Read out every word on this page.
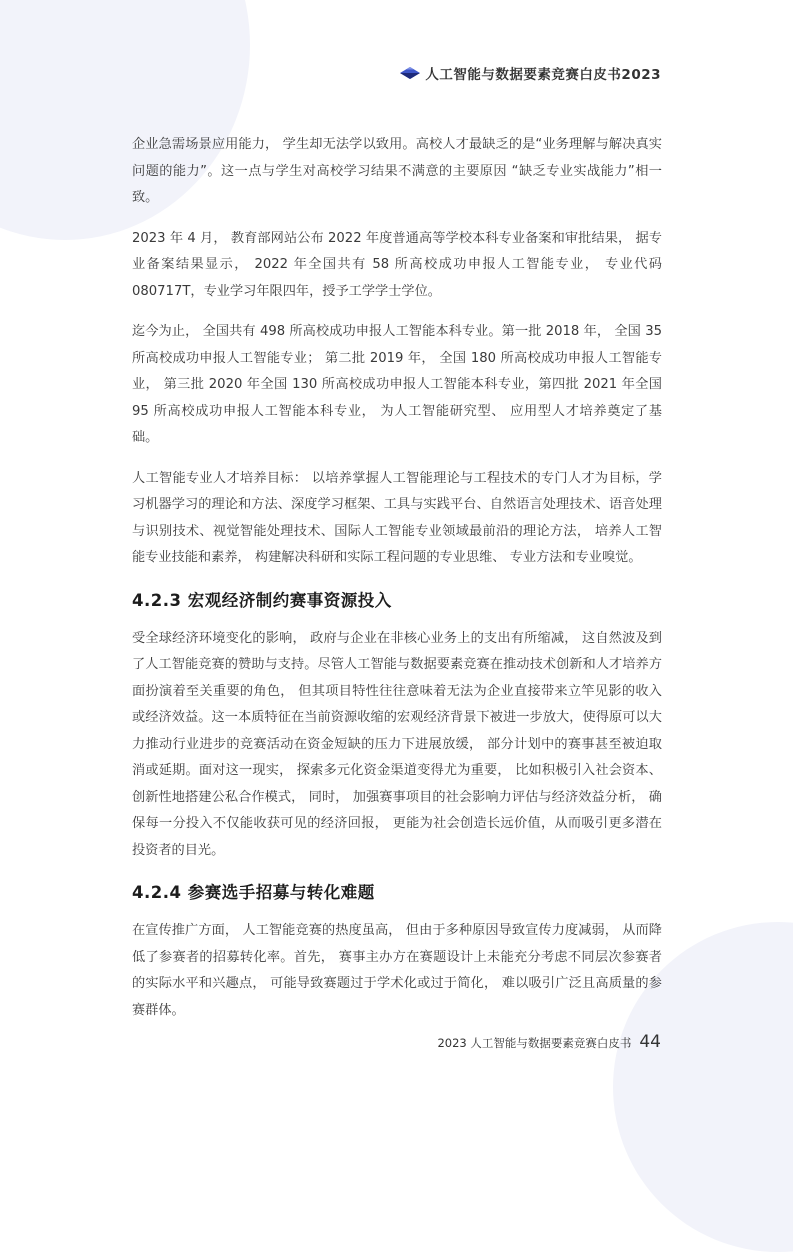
人工智能与数据要素竞赛白皮书2023

企业急需场景应用能力， 学生却无法学以致用。高校人才最缺乏的是“业务理解与解决真实问题的能力”。这一点与学生对高校学习结果不满意的主要原因 “缺乏专业实战能力”相一致。

2023 年 4 月， 教育部网站公布 2022 年度普通高等学校本科专业备案和审批结果， 据专业备案结果显示， 2022 年全国共有 58 所高校成功申报人工智能专业， 专业代码 080717T，专业学习年限四年，授予工学学士学位。

迄今为止， 全国共有 498 所高校成功申报人工智能本科专业。第一批 2018 年， 全国 35 所高校成功申报人工智能专业； 第二批 2019 年， 全国 180 所高校成功申报人工智能专业， 第三批 2020 年全国 130 所高校成功申报人工智能本科专业，第四批 2021 年全国 95 所高校成功申报人工智能本科专业， 为人工智能研究型、 应用型人才培养奠定了基础。

人工智能专业人才培养目标： 以培养掌握人工智能理论与工程技术的专门人才为目标，学习机器学习的理论和方法、深度学习框架、工具与实践平台、自然语言处理技术、语音处理与识别技术、视觉智能处理技术、国际人工智能专业领域最前沿的理论方法， 培养人工智能专业技能和素养， 构建解决科研和实际工程问题的专业思维、 专业方法和专业嗅觉。

4.2.3 宏观经济制约赛事资源投入

受全球经济环境变化的影响， 政府与企业在非核心业务上的支出有所缩减， 这自然波及到了人工智能竞赛的赞助与支持。尽管人工智能与数据要素竞赛在推动技术创新和人才培养方面扮演着至关重要的角色， 但其项目特性往往意味着无法为企业直接带来立竿见影的收入或经济效益。这一本质特征在当前资源收缩的宏观经济背景下被进一步放大，使得原可以大力推动行业进步的竞赛活动在资金短缺的压力下进展放缓， 部分计划中的赛事甚至被迫取消或延期。面对这一现实， 探索多元化资金渠道变得尤为重要， 比如积极引入社会资本、创新性地搭建公私合作模式， 同时， 加强赛事项目的社会影响力评估与经济效益分析， 确保每一分投入不仅能收获可见的经济回报， 更能为社会创造长远价值，从而吸引更多潜在投资者的目光。

4.2.4 参赛选手招募与转化难题

在宣传推广方面， 人工智能竞赛的热度虽高， 但由于多种原因导致宣传力度减弱， 从而降低了参赛者的招募转化率。首先， 赛事主办方在赛题设计上未能充分考虑不同层次参赛者的实际水平和兴趣点， 可能导致赛题过于学术化或过于简化， 难以吸引广泛且高质量的参赛群体。

2023 人工智能与数据要素竞赛白皮书 44
